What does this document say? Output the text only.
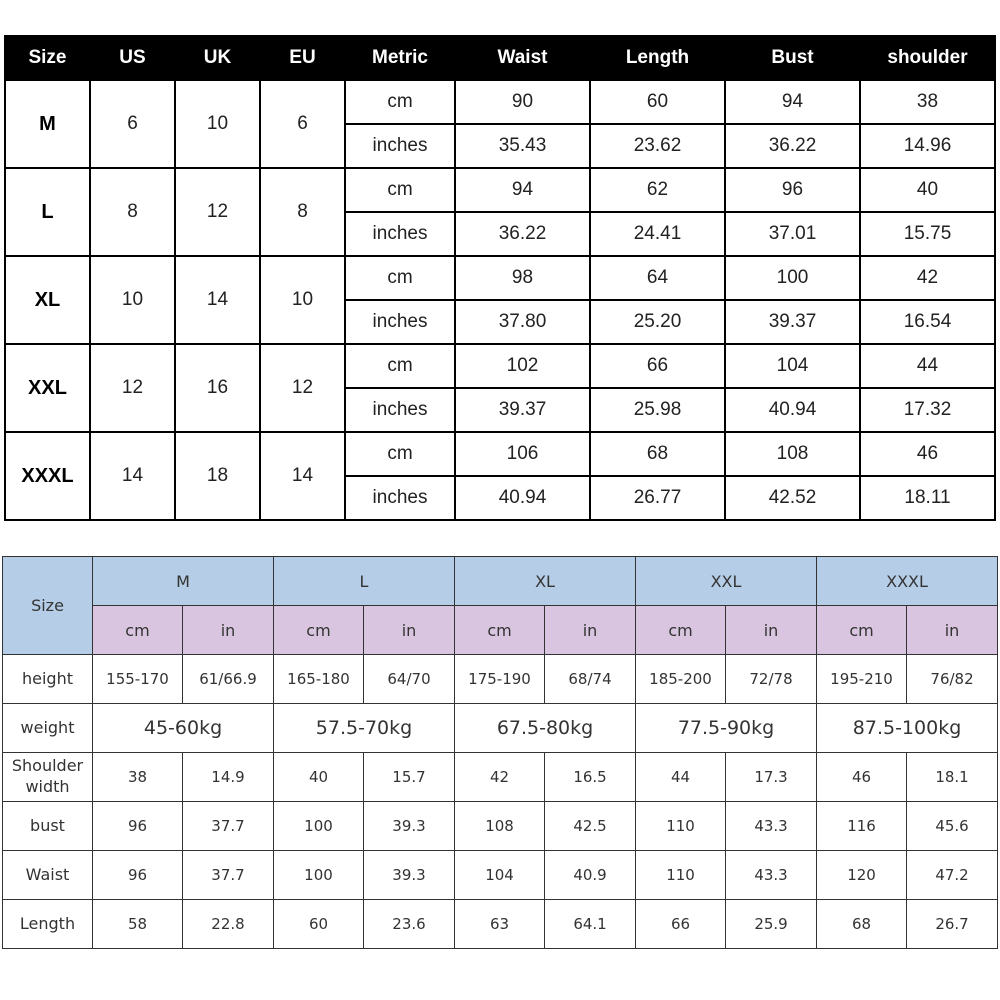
Size	US	UK	EU	Metric	Waist	Length	Bust	shoulder
M	6	10	6	cm	90	60	94	38
				inches	35.43	23.62	36.22	14.96
L	8	12	8	cm	94	62	96	40
				inches	36.22	24.41	37.01	15.75
XL	10	14	10	cm	98	64	100	42
				inches	37.80	25.20	39.37	16.54
XXL	12	16	12	cm	102	66	104	44
				inches	39.37	25.98	40.94	17.32
XXXL	14	18	14	cm	106	68	108	46
				inches	40.94	26.77	42.52	18.11
Size	M		L		XL		XXL		XXXL	
	cm	in	cm	in	cm	in	cm	in	cm	in
height	155-170	61/66.9	165-180	64/70	175-190	68/74	185-200	72/78	195-210	76/82
weight	45-60kg		57.5-70kg		67.5-80kg		77.5-90kg		87.5-100kg	
Shoulder width	38	14.9	40	15.7	42	16.5	44	17.3	46	18.1
bust	96	37.7	100	39.3	108	42.5	110	43.3	116	45.6
Waist	96	37.7	100	39.3	104	40.9	110	43.3	120	47.2
Length	58	22.8	60	23.6	63	64.1	66	25.9	68	26.7
